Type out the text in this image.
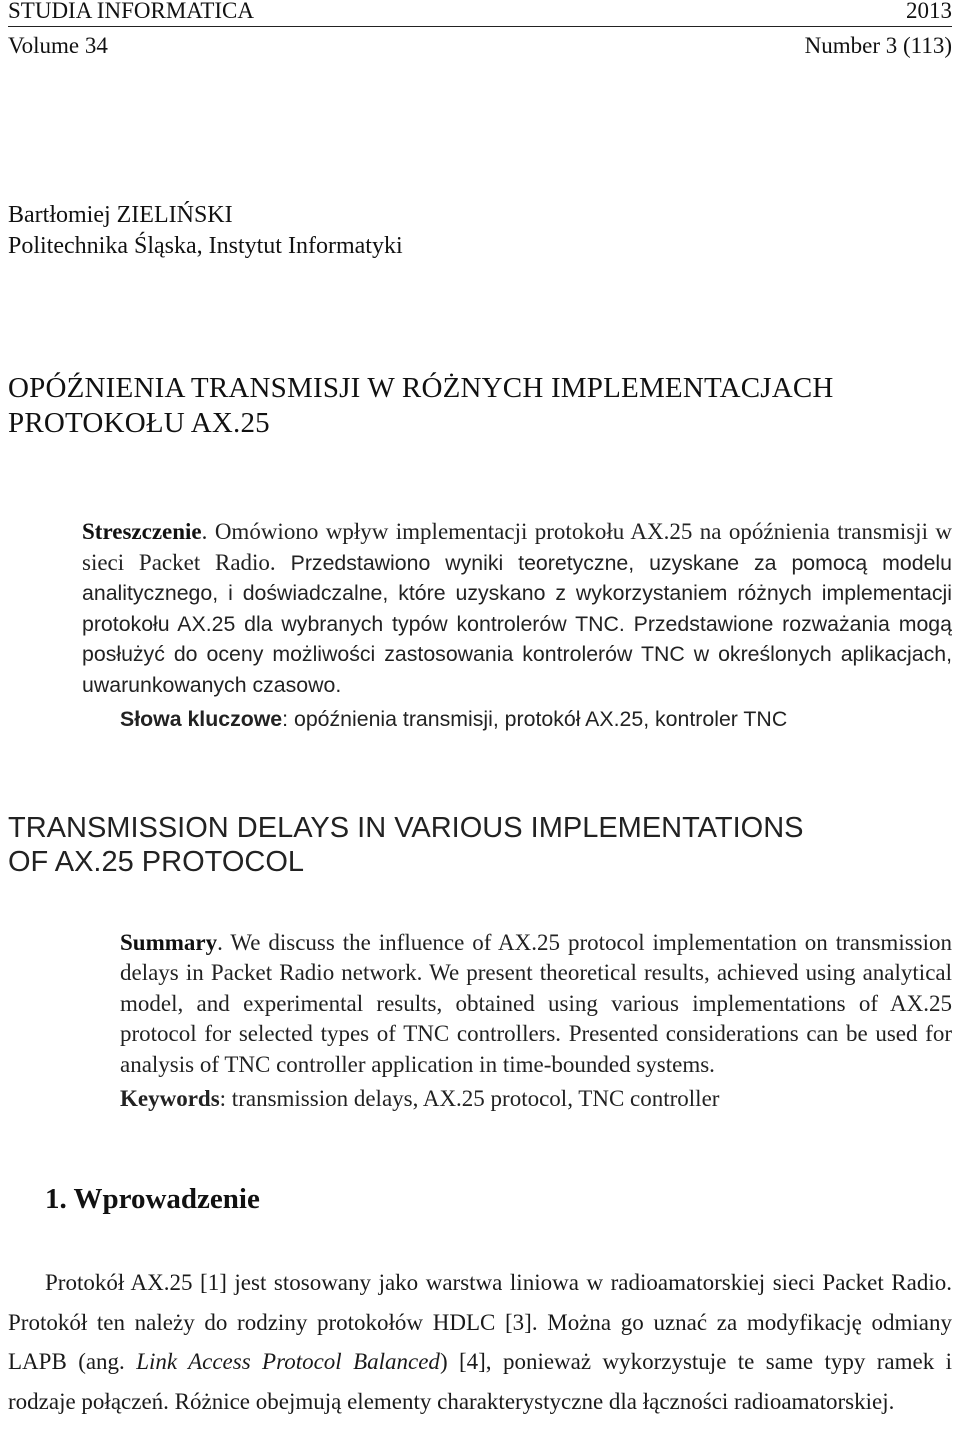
STUDIA INFORMATICA	2013
Volume 34	Number 3 (113)
Bartłomiej ZIELIŃSKI
Politechnika Śląska, Instytut Informatyki
OPÓŹNIENIA TRANSMISJI W RÓŻNYCH IMPLEMENTACJACH
PROTOKOŁU AX.25
Streszczenie. Omówiono wpływ implementacji protokołu AX.25 na opóźnienia transmisji w sieci Packet Radio. Przedstawiono wyniki teoretyczne, uzyskane za pomocą modelu analitycznego, i doświadczalne, które uzyskano z wykorzystaniem różnych implementacji protokołu AX.25 dla wybranych typów kontrolerów TNC. Przedstawione rozważania mogą posłużyć do oceny możliwości zastosowania kontrolerów TNC w określonych aplikacjach, uwarunkowanych czasowo.
Słowa kluczowe: opóźnienia transmisji, protokół AX.25, kontroler TNC
TRANSMISSION DELAYS IN VARIOUS IMPLEMENTATIONS
OF AX.25 PROTOCOL
Summary. We discuss the influence of AX.25 protocol implementation on transmission delays in Packet Radio network. We present theoretical results, achieved using analytical model, and experimental results, obtained using various implementations of AX.25 protocol for selected types of TNC controllers. Presented considerations can be used for analysis of TNC controller application in time-bounded systems.
Keywords: transmission delays, AX.25 protocol, TNC controller
1. Wprowadzenie
Protokół AX.25 [1] jest stosowany jako warstwa liniowa w radioamatorskiej sieci Packet Radio. Protokół ten należy do rodziny protokołów HDLC [3]. Można go uznać za modyfikację odmiany LAPB (ang. Link Access Protocol Balanced) [4], ponieważ wykorzystuje te same typy ramek i rodzaje połączeń. Różnice obejmują elementy charakterystyczne dla łączności radioamatorskiej.
